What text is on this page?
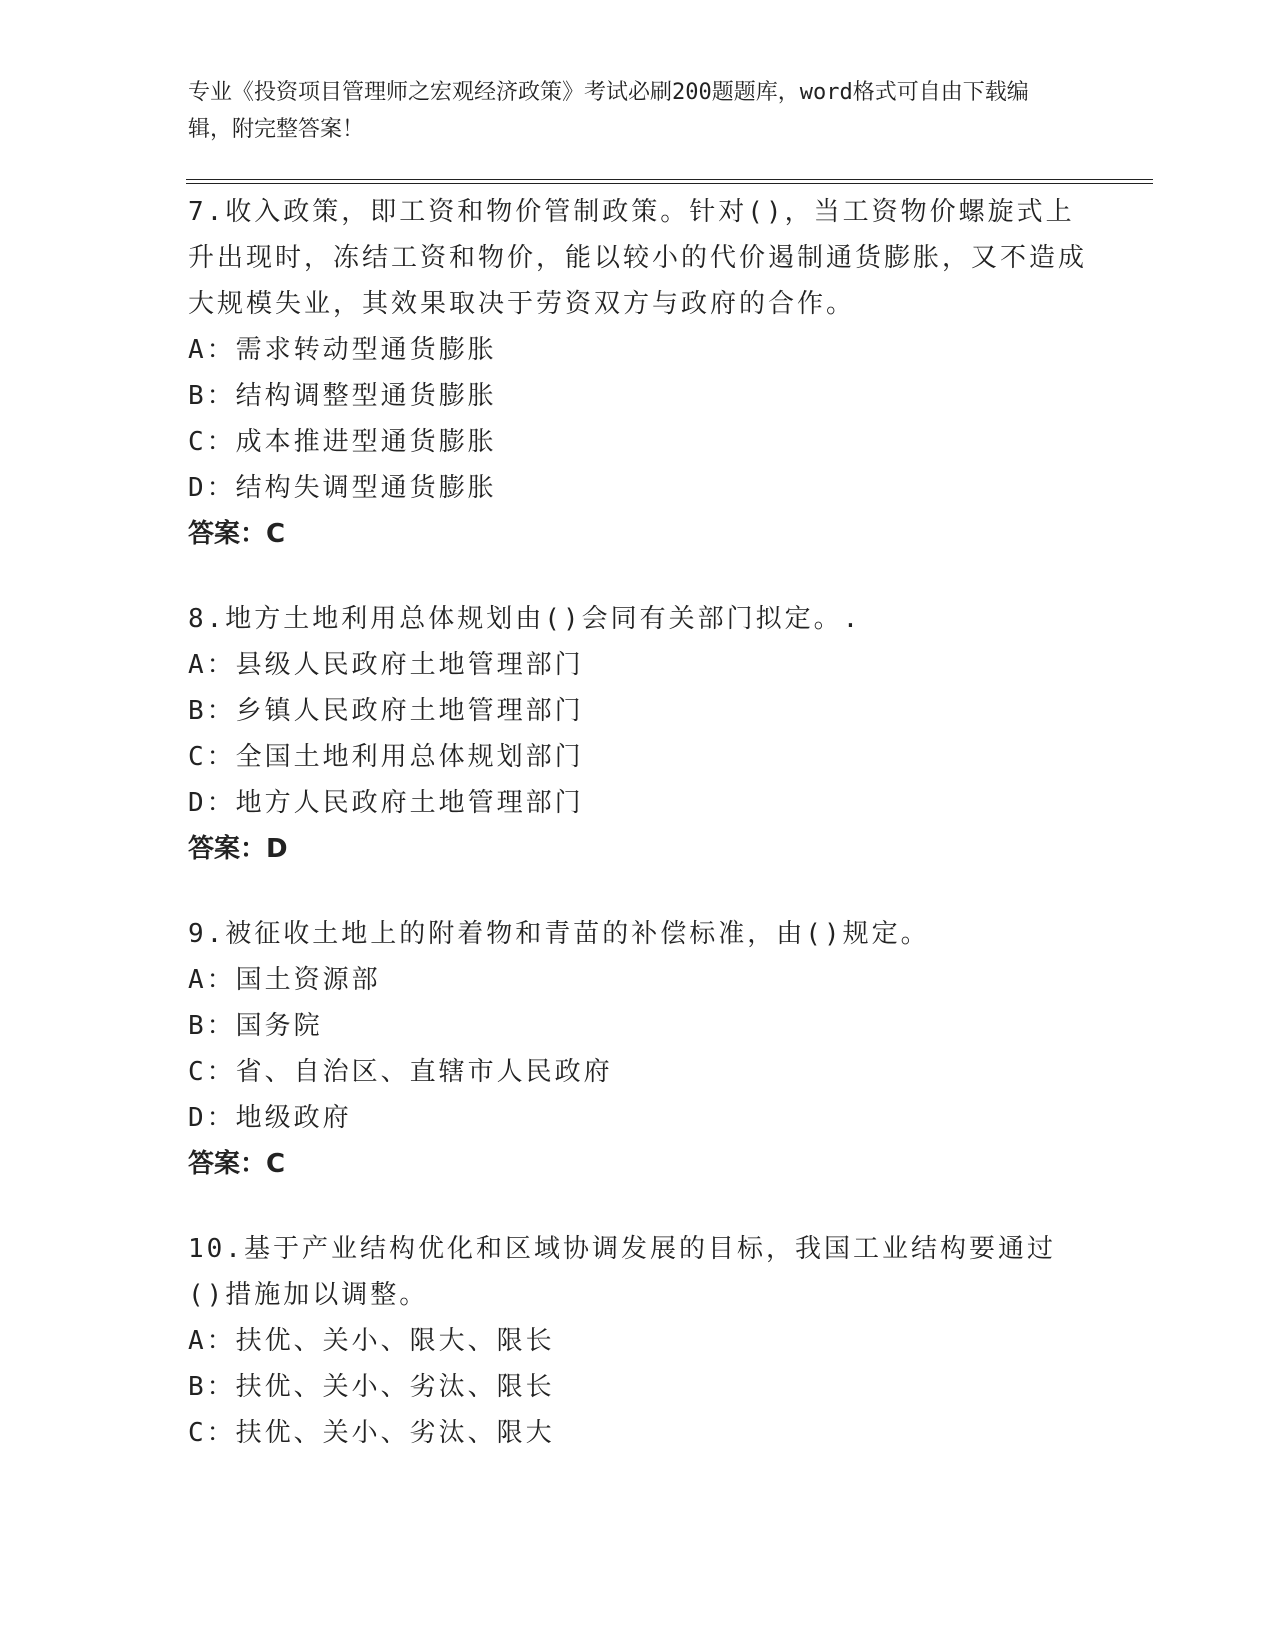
专业《投资项目管理师之宏观经济政策》考试必刷200题题库，word格式可自由下载编辑，附完整答案！

7.收入政策，即工资和物价管制政策。针对()，当工资物价螺旋式上升出现时，冻结工资和物价，能以较小的代价遏制通货膨胀，又不造成大规模失业，其效果取决于劳资双方与政府的合作。

A：需求转动型通货膨胀

B：结构调整型通货膨胀

C：成本推进型通货膨胀

D：结构失调型通货膨胀

答案：C

8.地方土地利用总体规划由()会同有关部门拟定。.

A：县级人民政府土地管理部门

B：乡镇人民政府土地管理部门

C：全国土地利用总体规划部门

D：地方人民政府土地管理部门

答案：D

9.被征收土地上的附着物和青苗的补偿标准，由()规定。

A：国土资源部

B：国务院

C：省、自治区、直辖市人民政府

D：地级政府

答案：C

10.基于产业结构优化和区域协调发展的目标，我国工业结构要通过()措施加以调整。

A：扶优、关小、限大、限长

B：扶优、关小、劣汰、限长

C：扶优、关小、劣汰、限大
